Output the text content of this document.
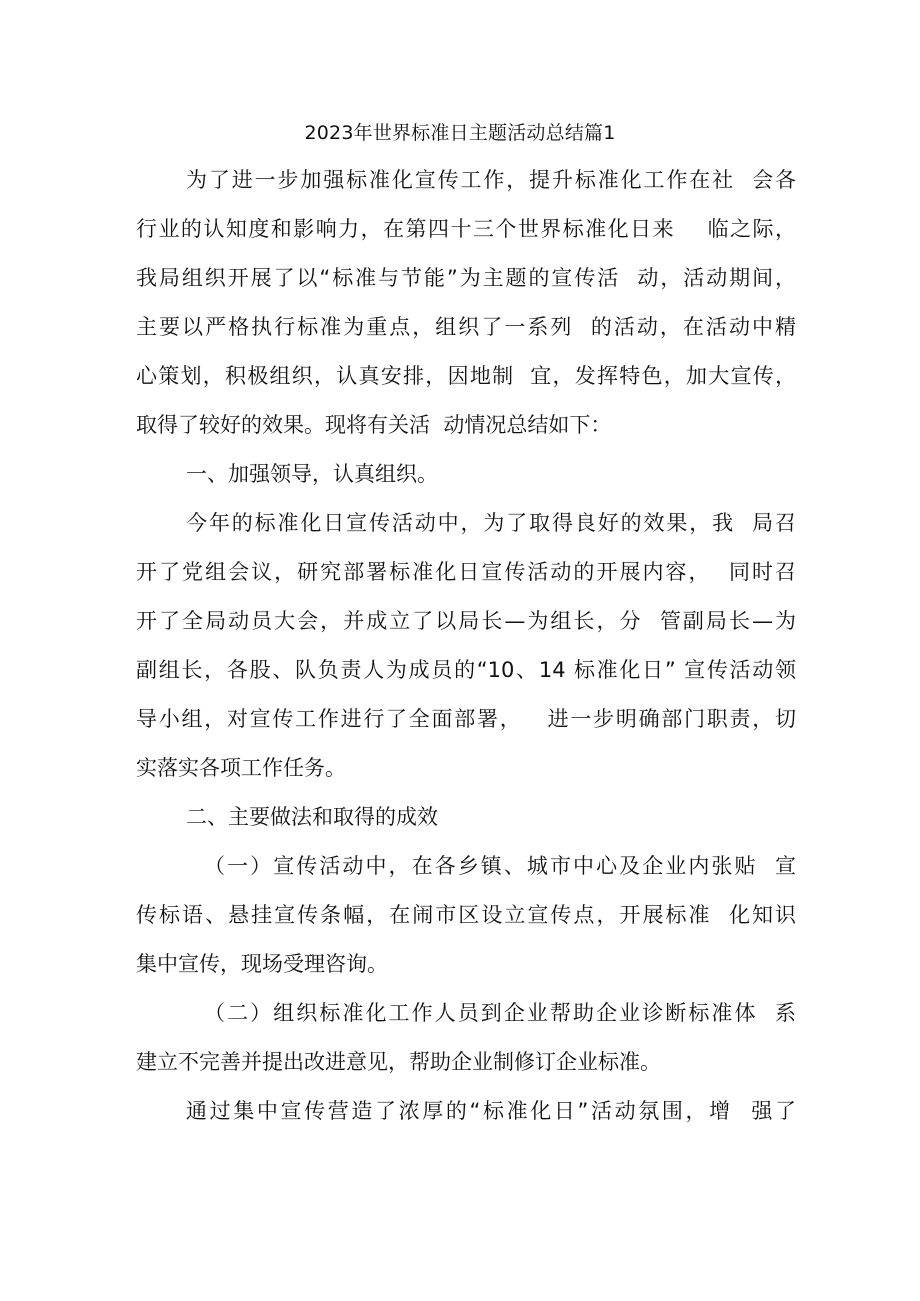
2023年世界标准日主题活动总结篇1
为了进一步加强标准化宣传工作，提升标准化工作在社  会各
行业的认知度和影响力，在第四十三个世界标准化日来    临之际，
我局组织开展了以“标准与节能”为主题的宣传活  动，活动期间，
主要以严格执行标准为重点，组织了一系列  的活动，在活动中精
心策划，积极组织，认真安排，因地制  宜，发挥特色，加大宣传，
取得了较好的效果。现将有关活  动情况总结如下：
一、加强领导，认真组织。
今年的标准化日宣传活动中，为了取得良好的效果，我  局召
开了党组会议，研究部署标准化日宣传活动的开展内容，  同时召
开了全局动员大会，并成立了以局长—为组长，分  管副局长—为
副组长，各股、队负责人为成员的“10、14 标准化日” 宣传活动领
导小组，对宣传工作进行了全面部署，   进一步明确部门职责，切
实落实各项工作任务。
二、主要做法和取得的成效
（一）宣传活动中，在各乡镇、城市中心及企业内张贴  宣
传标语、悬挂宣传条幅，在闹市区设立宣传点，开展标准  化知识
集中宣传，现场受理咨询。
（二）组织标准化工作人员到企业帮助企业诊断标准体  系
建立不完善并提出改进意见，帮助企业制修订企业标准。
通过集中宣传营造了浓厚的“标准化日”活动氛围，增  强了
